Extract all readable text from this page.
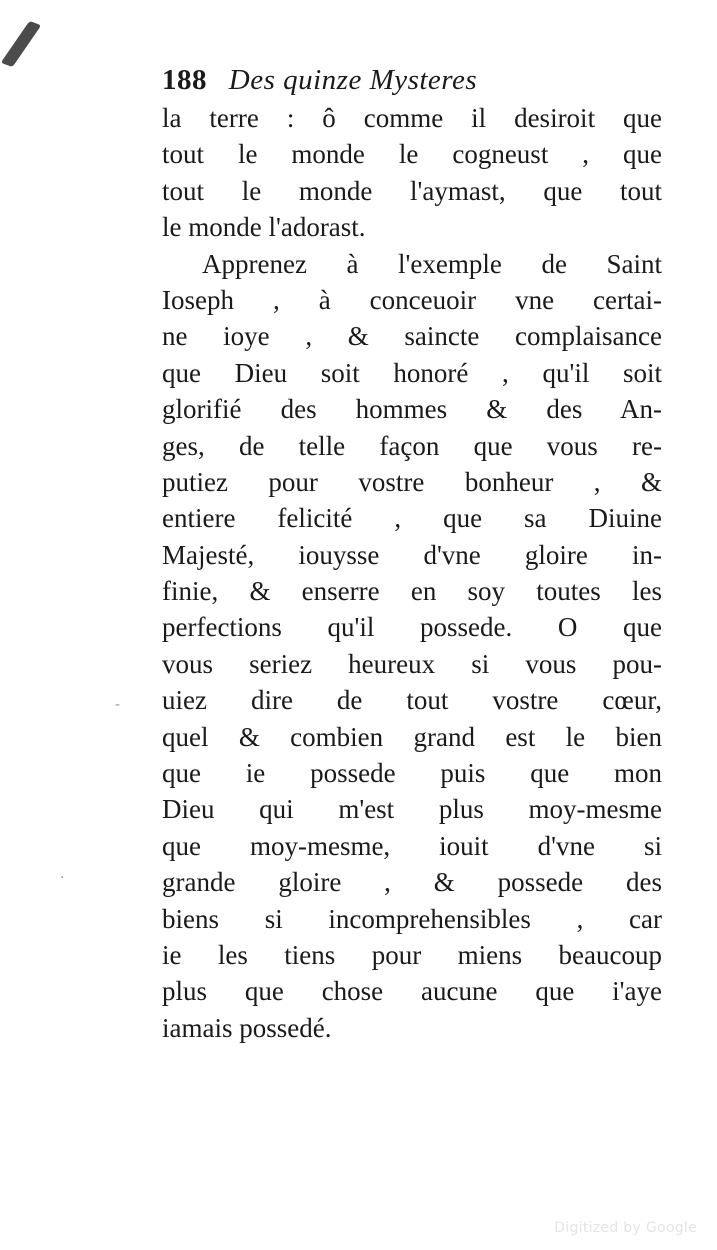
188 Des quinze Mysteres
la terre : ô comme il desiroit que
tout le monde le cogneust , que
tout le monde l'aymast, que tout
le monde l'adorast.
Apprenez à l'exemple de Saint
Ioseph , à conceuoir vne certai-
ne ioye , & saincte complaisance
que Dieu soit honoré , qu'il soit
glorifié des hommes & des An-
ges, de telle façon que vous re-
putiez pour vostre bonheur , &
entiere felicité , que sa Diuine
Majesté, iouysse d'vne gloire in-
finie, & enserre en soy toutes les
perfections qu'il possede. O que
vous seriez heureux si vous pou-
uiez dire de tout vostre cœur,
quel & combien grand est le bien
que ie possede puis que mon
Dieu qui m'est plus moy-mesme
que moy-mesme, iouit d'vne si
grande gloire , & possede des
biens si incomprehensibles , car
ie les tiens pour miens beaucoup
plus que chose aucune que i'aye
iamais possedé.
-
·
Digitized by Google
